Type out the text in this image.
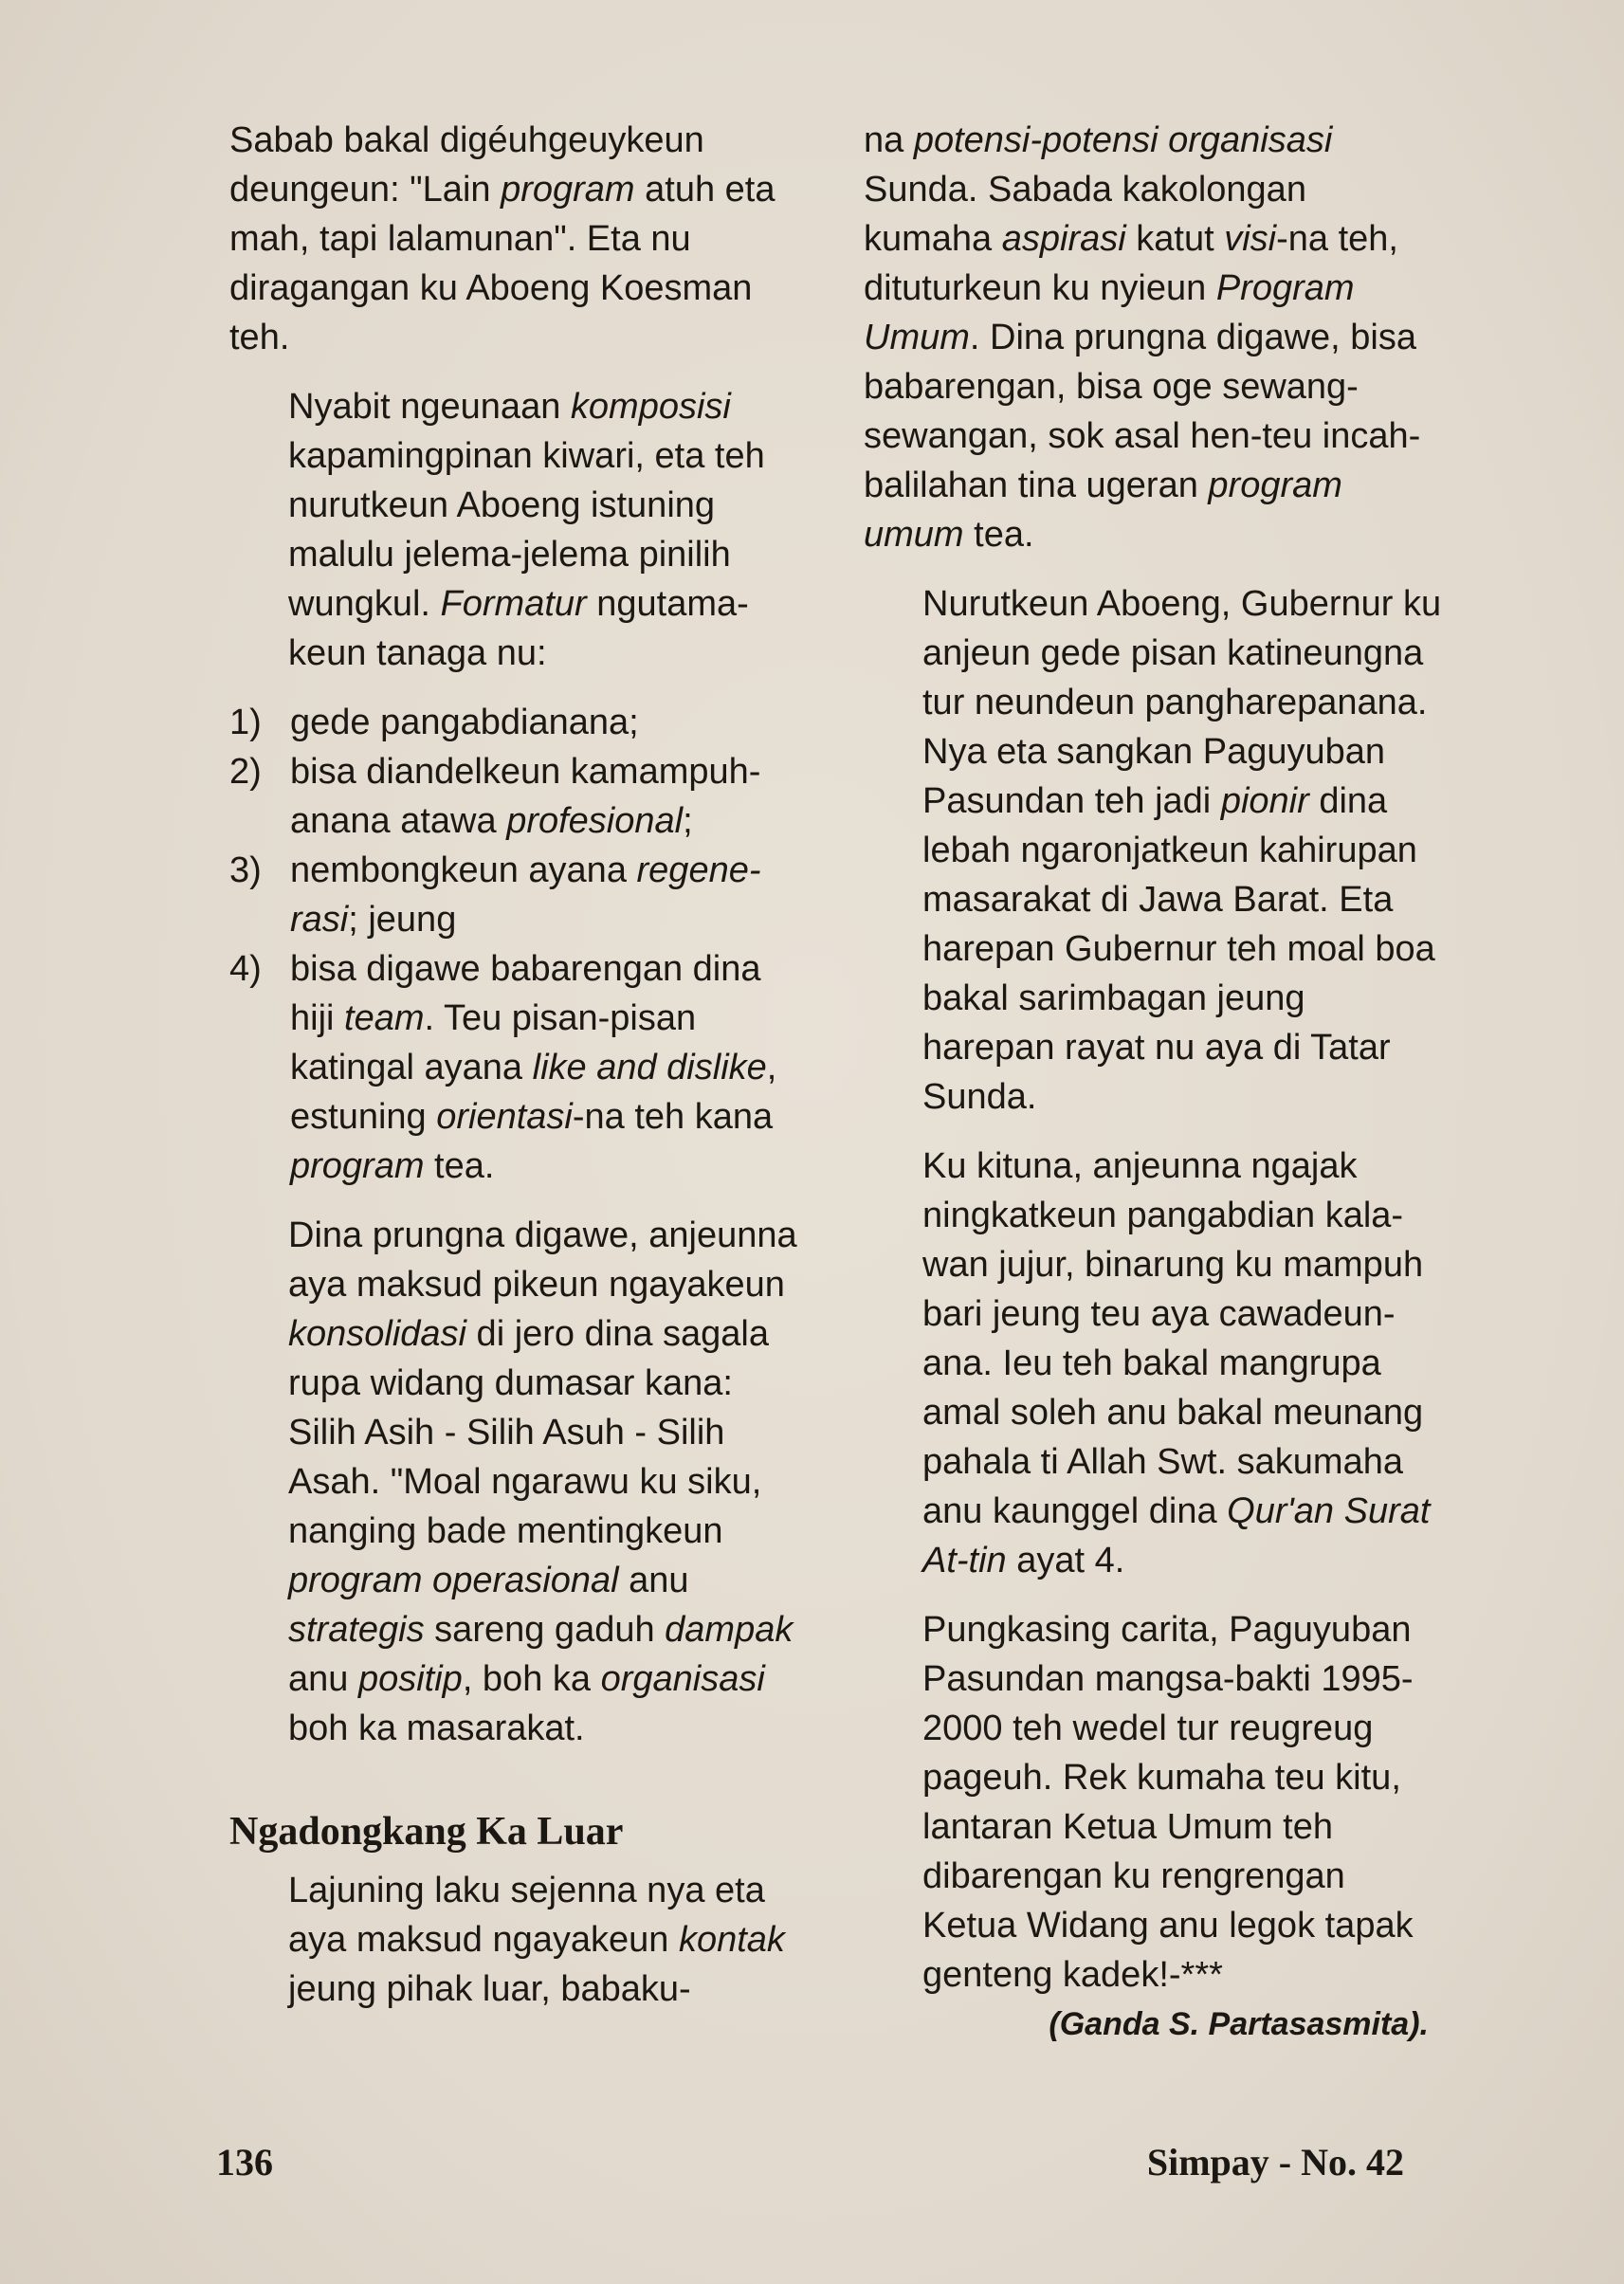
Sabab bakal digéuhgeuykeun deungeun: "Lain program atuh eta mah, tapi lalamunan". Eta nu diragangan ku Aboeng Koesman teh.

Nyabit ngeunaan komposisi kapamingpinan kiwari, eta teh nurutkeun Aboeng istuning malulu jelema-jelema pinilih wungkul. Formatur ngutamakeun tanaga nu:

1) gede pangabdianana;
2) bisa diandelkeun kamampuhanana atawa profesional;
3) nembongkeun ayana regenerasi; jeung
4) bisa digawe babarengan dina hiji team. Teu pisan-pisan katingal ayana like and dislike, estuning orientasi-na teh kana program tea.

Dina prungna digawe, anjeunna aya maksud pikeun ngayakeun konsolidasi di jero dina sagala rupa widang dumasar kana: Silih Asih - Silih Asuh - Silih Asah. "Moal ngarawu ku siku, nanging bade mentingkeun program operasional anu strategis sareng gaduh dampak anu positip, boh ka organisasi boh ka masarakat.

Ngadongkang Ka Luar

Lajuning laku sejenna nya eta aya maksud ngayakeun kontak jeung pihak luar, babaku-

na potensi-potensi organisasi Sunda. Sabada kakolongan kumaha aspirasi katut visi-na teh, dituturkeun ku nyieun Program Umum. Dina prungna digawe, bisa babarengan, bisa oge sewang-sewangan, sok asal hen-teu incah-balilahan tina ugeran program umum tea.

Nurutkeun Aboeng, Gubernur ku anjeun gede pisan katineungna tur neundeun pangharepanana. Nya eta sangkan Paguyuban Pasundan teh jadi pionir dina lebah ngaronjatkeun kahirupan masarakat di Jawa Barat. Eta harepan Gubernur teh moal boa bakal sarimbagan jeung harepan rayat nu aya di Tatar Sunda.

Ku kituna, anjeunna ngajak ningkatkeun pangabdian kalawan jujur, binarung ku mampuh bari jeung teu aya cawadeunana. Ieu teh bakal mangrupa amal soleh anu bakal meunang pahala ti Allah Swt. sakumaha anu kaunggel dina Qur'an Surat At-tin ayat 4.

Pungkasing carita, Paguyuban Pasundan mangsa-bakti 1995-2000 teh wedel tur reugreug pageuh. Rek kumaha teu kitu, lantaran Ketua Umum teh dibarengan ku rengrengan Ketua Widang anu legok tapak genteng kadek!-***

(Ganda S. Partasasmita).
136	Simpay - No. 42
